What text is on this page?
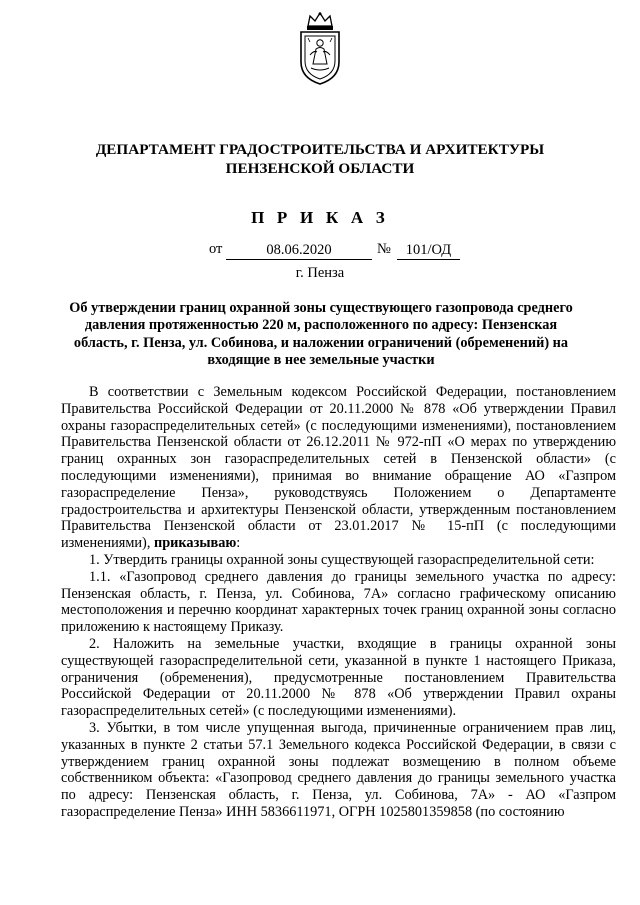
ДЕПАРТАМЕНТ ГРАДОСТРОИТЕЛЬСТВА И АРХИТЕКТУРЫ
ПЕНЗЕНСКОЙ ОБЛАСТИ
П Р И К А З
от	08.06.2020	№	101/ОД
г. Пенза
Об утверждении границ охранной зоны существующего газопровода среднего давления протяженностью 220 м, расположенного по адресу: Пензенская область, г. Пенза, ул. Собинова, и наложении ограничений (обременений) на входящие в нее земельные участки

В соответствии с Земельным кодексом Российской Федерации, постановлением Правительства Российской Федерации от 20.11.2000 № 878 «Об утверждении Правил охраны газораспределительных сетей» (с последующими изменениями), постановлением Правительства Пензенской области от 26.12.2011 № 972-пП «О мерах по утверждению границ охранных зон газораспределительных сетей в Пензенской области» (с последующими изменениями), принимая во внимание обращение АО «Газпром газораспределение Пенза», руководствуясь Положением о Департаменте градостроительства и архитектуры Пензенской области, утвержденным постановлением Правительства Пензенской области от 23.01.2017 № 15-пП (с последующими изменениями), приказываю:

1. Утвердить границы охранной зоны существующей газораспределительной сети:

1.1. «Газопровод среднего давления до границы земельного участка по адресу: Пензенская область, г. Пенза, ул. Собинова, 7А» согласно графическому описанию местоположения и перечню координат характерных точек границ охранной зоны согласно приложению к настоящему Приказу.

2. Наложить на земельные участки, входящие в границы охранной зоны существующей газораспределительной сети, указанной в пункте 1 настоящего Приказа, ограничения (обременения), предусмотренные постановлением Правительства Российской Федерации от 20.11.2000 № 878 «Об утверждении Правил охраны газораспределительных сетей» (с последующими изменениями).

3. Убытки, в том числе упущенная выгода, причиненные ограничением прав лиц, указанных в пункте 2 статьи 57.1 Земельного кодекса Российской Федерации, в связи с утверждением границ охранной зоны подлежат возмещению в полном объеме собственником объекта: «Газопровод среднего давления до границы земельного участка по адресу: Пензенская область, г. Пенза, ул. Собинова, 7А» - АО «Газпром газораспределение Пенза» ИНН 5836611971, ОГРН 1025801359858 (по состоянию
